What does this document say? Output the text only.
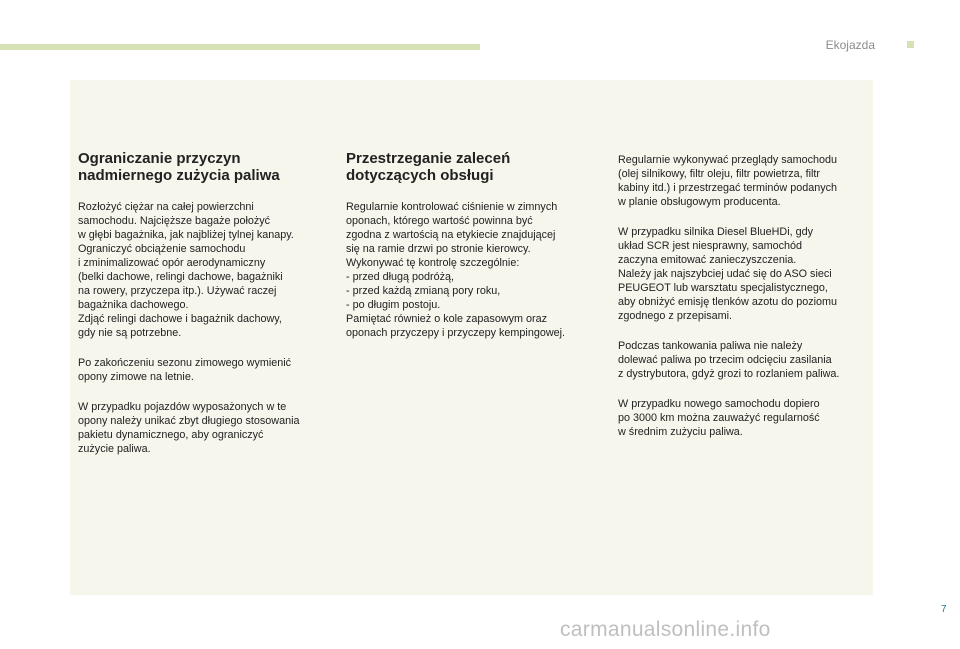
Ekojazda
Ograniczanie przyczyn
nadmiernego zużycia paliwa

Rozłożyć ciężar na całej powierzchni
samochodu. Najcięższe bagaże położyć
w głębi bagażnika, jak najbliżej tylnej kanapy.
Ograniczyć obciążenie samochodu
i zminimalizować opór aerodynamiczny
(belki dachowe, relingi dachowe, bagażniki
na rowery, przyczepa itp.). Używać raczej
bagażnika dachowego.
Zdjąć relingi dachowe i bagażnik dachowy,
gdy nie są potrzebne.

Po zakończeniu sezonu zimowego wymienić
opony zimowe na letnie.

W przypadku pojazdów wyposażonych w te
opony należy unikać zbyt długiego stosowania
pakietu dynamicznego, aby ograniczyć
zużycie paliwa.

Przestrzeganie zaleceń
dotyczących obsługi

Regularnie kontrolować ciśnienie w zimnych
oponach, którego wartość powinna być
zgodna z wartością na etykiecie znajdującej
się na ramie drzwi po stronie kierowcy.
Wykonywać tę kontrolę szczególnie:
- przed długą podróżą,
- przed każdą zmianą pory roku,
- po długim postoju.
Pamiętać również o kole zapasowym oraz
oponach przyczepy i przyczepy kempingowej.

Regularnie wykonywać przeglądy samochodu
(olej silnikowy, filtr oleju, filtr powietrza, filtr
kabiny itd.) i przestrzegać terminów podanych
w planie obsługowym producenta.

W przypadku silnika Diesel BlueHDi, gdy
układ SCR jest niesprawny, samochód
zaczyna emitować zanieczyszczenia.
Należy jak najszybciej udać się do ASO sieci
PEUGEOT lub warsztatu specjalistycznego,
aby obniżyć emisję tlenków azotu do poziomu
zgodnego z przepisami.

Podczas tankowania paliwa nie należy
dolewać paliwa po trzecim odcięciu zasilania
z dystrybutora, gdyż grozi to rozlaniem paliwa.

W przypadku nowego samochodu dopiero
po 3000 km można zauważyć regularność
w średnim zużyciu paliwa.

7
carmanualsonline.info
